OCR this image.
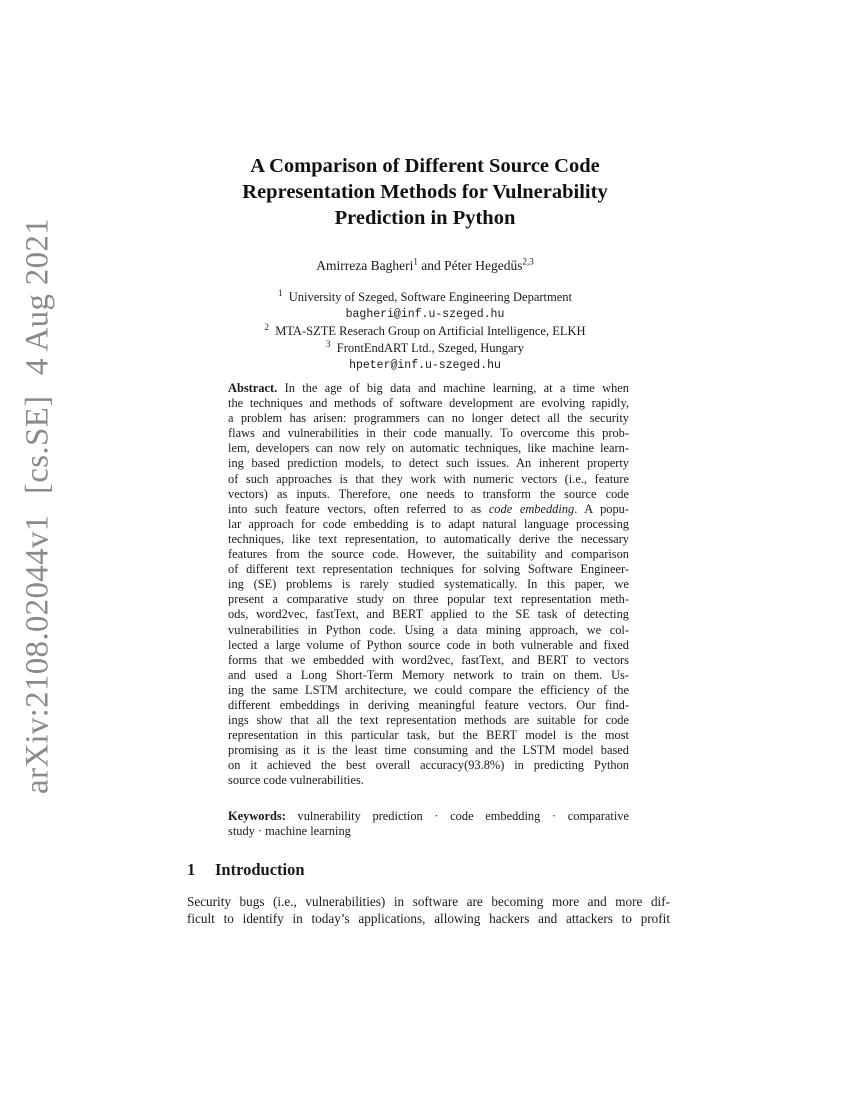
arXiv:2108.02044v1 [cs.SE] 4 Aug 2021
A Comparison of Different Source Code
Representation Methods for Vulnerability
Prediction in Python
Amirreza Bagheri$^1$ and Péter Hegedűs$^{2,3}$
$^1$ University of Szeged, Software Engineering Department
bagheri@inf.u-szeged.hu
$^2$ MTA-SZTE Reserach Group on Artificial Intelligence, ELKH
$^3$ FrontEndART Ltd., Szeged, Hungary
hpeter@inf.u-szeged.hu
Abstract. In the age of big data and machine learning, at a time when
the techniques and methods of software development are evolving rapidly,
a problem has arisen: programmers can no longer detect all the security
flaws and vulnerabilities in their code manually. To overcome this prob-
lem, developers can now rely on automatic techniques, like machine learn-
ing based prediction models, to detect such issues. An inherent property
of such approaches is that they work with numeric vectors (i.e., feature
vectors) as inputs. Therefore, one needs to transform the source code
into such feature vectors, often referred to as code embedding. A popu-
lar approach for code embedding is to adapt natural language processing
techniques, like text representation, to automatically derive the necessary
features from the source code. However, the suitability and comparison
of different text representation techniques for solving Software Engineer-
ing (SE) problems is rarely studied systematically. In this paper, we
present a comparative study on three popular text representation meth-
ods, word2vec, fastText, and BERT applied to the SE task of detecting
vulnerabilities in Python code. Using a data mining approach, we col-
lected a large volume of Python source code in both vulnerable and fixed
forms that we embedded with word2vec, fastText, and BERT to vectors
and used a Long Short-Term Memory network to train on them. Us-
ing the same LSTM architecture, we could compare the efficiency of the
different embeddings in deriving meaningful feature vectors. Our find-
ings show that all the text representation methods are suitable for code
representation in this particular task, but the BERT model is the most
promising as it is the least time consuming and the LSTM model based
on it achieved the best overall accuracy(93.8%) in predicting Python
source code vulnerabilities.
Keywords: vulnerability prediction · code embedding · comparative
study · machine learning
1 Introduction
Security bugs (i.e., vulnerabilities) in software are becoming more and more dif-
ficult to identify in today’s applications, allowing hackers and attackers to profit
